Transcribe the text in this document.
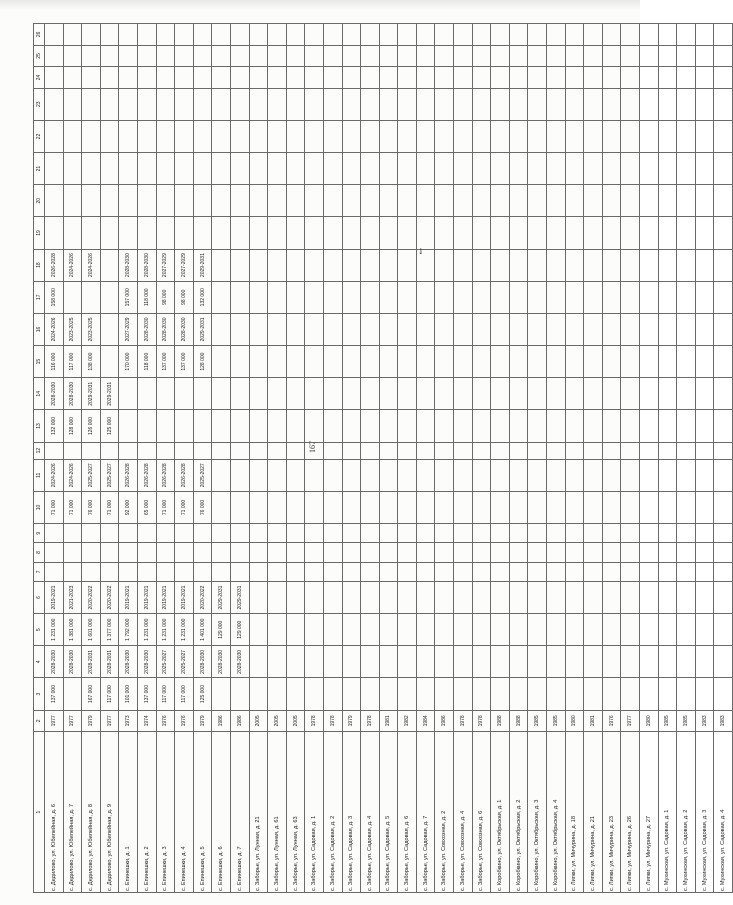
167
1	2	3	4	5	6	7	8	9	10	11	12	13	14	15	16	17	18	19	20	21	22	23	24	25	26
с. Дедилово, ул. Юбилейная, д. 6	1977	137 000	2028-2030	1 231 000	2019-2021				71 000	2024-2026		132 000	2028-2030	116 000	2024-2026	158 000	2026-2028								
с. Дедилово, ул. Юбилейная, д. 7	1977		2028-2030	1 381 000	2021-2023				71 000	2024-2026		128 000	2028-2030	117 000	2023-2025		2024-2026								
с. Дедилово, ул. Юбилейная, д. 8	1979	167 000	2028-2031	1 601 000	2020-2022				76 000	2025-2027		126 000	2029-2031	138 000	2023-2025		2024-2026								
с. Дедилово, ул. Юбилейная, д. 9	1977	117 000	2028-2031	1 377 000	2020-2022				71 000	2025-2027		125 000	2029-2031												
с. Епинешки, д. 1	1973	101 000	2028-2030	1 792 000	2019-2021				92 000	2026-2028				170 000	2027-2029	157 000	2028-2030								
с. Епинешки, д. 2	1974	137 000	2028-2030	1 231 000	2019-2021				65 000	2026-2028				118 000	2028-2030	118 000	2028-2030								
с. Епинешки, д. 3	1976	117 000	2025-2027	1 231 000	2019-2021				71 000	2026-2028				137 000	2028-2030	98 000	2027-2029								
с. Епинешки, д. 4	1976	117 000	2025-2027	1 231 000	2019-2021				71 000	2026-2028				137 000	2028-2030	98 000	2027-2029								
с. Епинешки, д. 5	1979	125 000	2028-2030	1 401 000	2020-2022				76 000	2025-2027				128 000	2029-2031	132 000	2029-2031								
с. Епинешки, д. 6	1986		2028-2030	129 000	2029-2031																				
с. Епинешки, д. 7	1986		2028-2030	129 000	2029-2031																				
с. Заборье, ул. Лунная, д. 21	2005																								
с. Заборье, ул. Лунная, д. 61	2005																								
с. Заборье, ул. Лунная, д. 63	2005																								
с. Заборье, ул. Садовая, д. 1	1978																								
с. Заборье, ул. Садовая, д. 2	1978																								
с. Заборье, ул. Садовая, д. 3	1979																								
с. Заборье, ул. Садовая, д. 4	1978																								
с. Заборье, ул. Садовая, д. 5	1981																								
с. Заборье, ул. Садовая, д. 6	1982																								
с. Заборье, ул. Садовая, д. 7	1984																								
с. Заборье, ул. Совхозная, д. 2	1986																								
с. Заборье, ул. Совхозная, д. 4	1978																								
с. Заборье, ул. Совхозная, д. 6	1978																								
с. Коробкино, ул. Октябрьская, д. 1	1988																								
с. Коробкино, ул. Октябрьская, д. 2	1988																								
с. Коробкино, ул. Октябрьская, д. 3	1985																								
с. Коробкино, ул. Октябрьская, д. 4	1985																								
с. Липки, ул. Мичурина, д. 18	1980																								
с. Липки, ул. Мичурина, д. 21	1981																								
с. Липки, ул. Мичурина, д. 23	1976																								
с. Липки, ул. Мичурина, д. 26	1977																								
с. Липки, ул. Мичурина, д. 27	1980																								
с. Мухинская, ул. Садовая, д. 1	1985																								
с. Мухинская, ул. Садовая, д. 2	1985																								
с. Мухинская, ул. Садовая, д. 3	1983																								
с. Мухинская, ул. Садовая, д. 4	1983																								
✓
